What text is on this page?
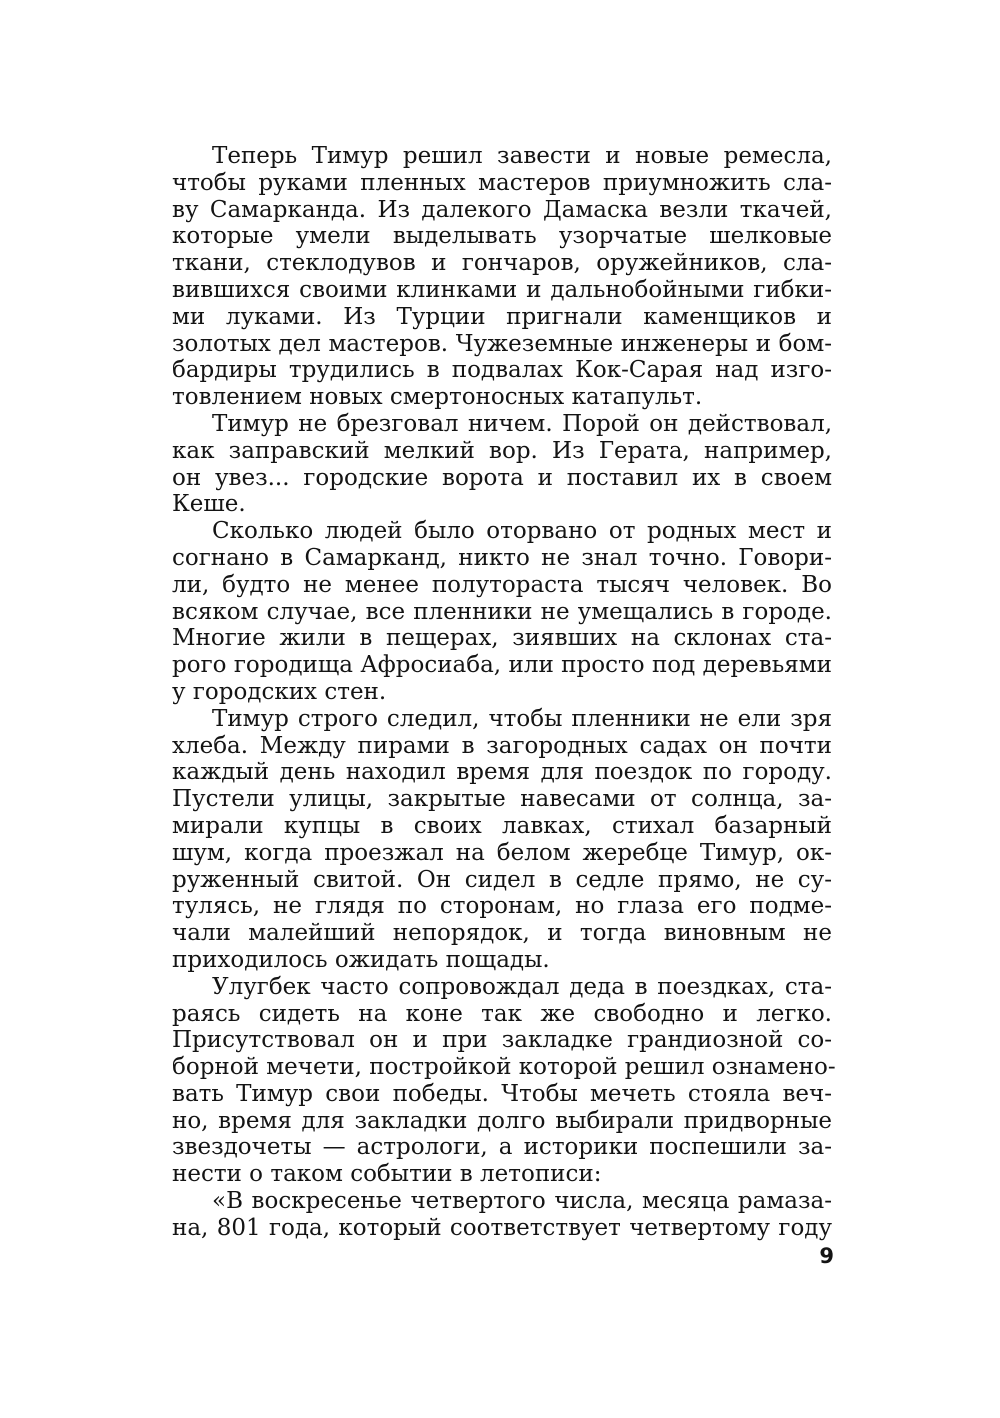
Теперь Тимур решил завести и новые ремесла,
чтобы руками пленных мастеров приумножить сла-
ву Самарканда. Из далекого Дамаска везли ткачей,
которые умели выделывать узорчатые шелковые
ткани, стеклодувов и гончаров, оружейников, сла-
вившихся своими клинками и дальнобойными гибки-
ми луками. Из Турции пригнали каменщиков и
золотых дел мастеров. Чужеземные инженеры и бом-
бардиры трудились в подвалах Кок-Сарая над изго-
товлением новых смертоносных катапульт.
Тимур не брезговал ничем. Порой он действовал,
как заправский мелкий вор. Из Герата, например,
он увез... городские ворота и поставил их в своем
Кеше.
Сколько людей было оторвано от родных мест и
согнано в Самарканд, никто не знал точно. Говори-
ли, будто не менее полутораста тысяч человек. Во
всяком случае, все пленники не умещались в городе.
Многие жили в пещерах, зиявших на склонах ста-
рого городища Афросиаба, или просто под деревьями
у городских стен.
Тимур строго следил, чтобы пленники не ели зря
хлеба. Между пирами в загородных садах он почти
каждый день находил время для поездок по городу.
Пустели улицы, закрытые навесами от солнца, за-
мирали купцы в своих лавках, стихал базарный
шум, когда проезжал на белом жеребце Тимур, ок-
руженный свитой. Он сидел в седле прямо, не су-
тулясь, не глядя по сторонам, но глаза его подме-
чали малейший непорядок, и тогда виновным не
приходилось ожидать пощады.
Улугбек часто сопровождал деда в поездках, ста-
раясь сидеть на коне так же свободно и легко.
Присутствовал он и при закладке грандиозной со-
борной мечети, постройкой которой решил ознамено-
вать Тимур свои победы. Чтобы мечеть стояла веч-
но, время для закладки долго выбирали придворные
звездочеты — астрологи, а историки поспешили за-
нести о таком событии в летописи:
«В воскресенье четвертого числа, месяца рамаза-
на, 801 года, который соответствует четвертому году
9
